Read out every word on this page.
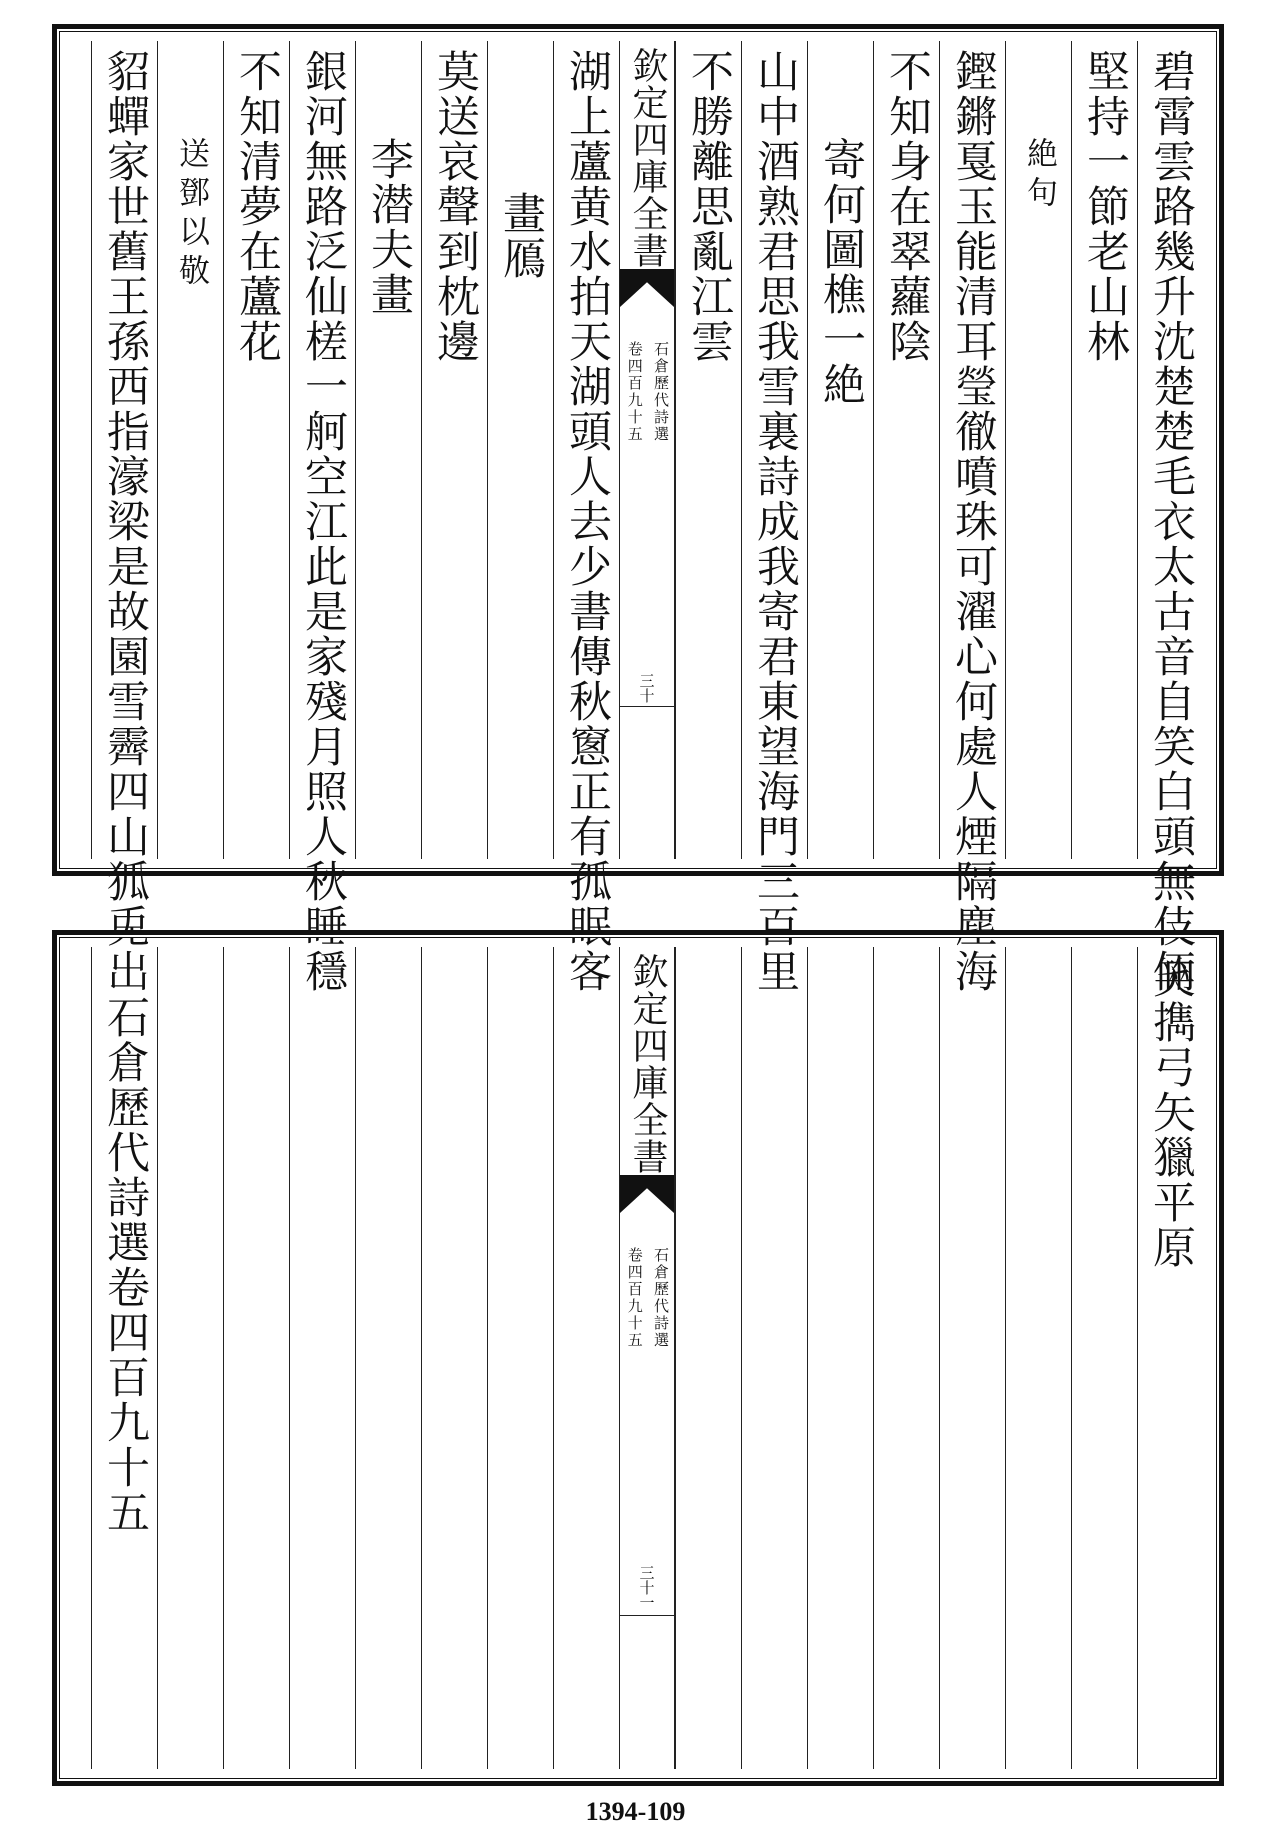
碧霄雲路幾升沈楚楚毛衣太古音自笑白頭無伎倆
堅持一節老山林
絶句
鏗鏘戛玉能清耳瑩徹噴珠可濯心何處人煙隔塵海
不知身在翠蘿陰
寄何圖樵一絶
山中酒熟君思我雪裏詩成我寄君東望海門三百里
不勝離思亂江雲
欽定四庫全書
石倉歷代詩選
卷四百九十五
三十
湖上蘆黄水拍天湖頭人去少書傳秋窻正有孤眠客
畫鴈
莫送哀聲到枕邊
李潜夫畫
銀河無路泛仙槎一舸空江此是家殘月照人秋睡穩
不知清夢在蘆花
送鄧以敬
貂蟬家世舊王孫西指濠梁是故園雪霽四山狐兎出
笑擕弓矢獵平原
欽定四庫全書
石倉歷代詩選
卷四百九十五
三十一
石倉歷代詩選卷四百九十五
1394-109
